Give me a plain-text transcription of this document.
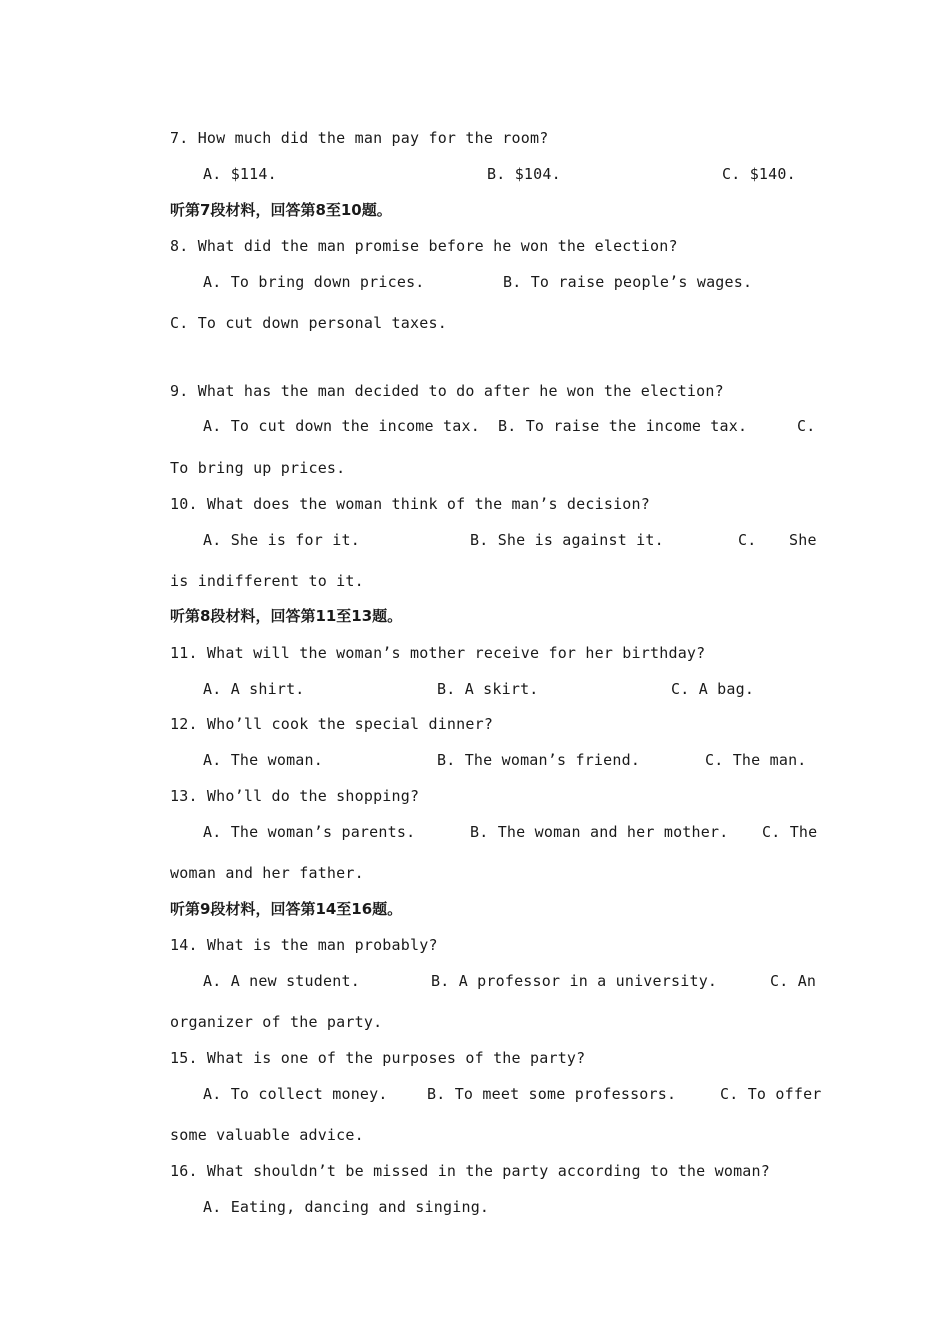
7. How much did the man pay for the room?
A. $114.	B. $104.	C. $140.
听第7段材料，回答第8至10题。
8. What did the man promise before he won the election?
A. To bring down prices.	B. To raise people’s wages.
C. To cut down personal taxes.
9. What has the man decided to do after he won the election?
A. To cut down the income tax. B. To raise the income tax.	C.
To bring up prices.
10. What does the woman think of the man’s decision?
A. She is for it.	B. She is against it.	C. She
is indifferent to it.
听第8段材料，回答第11至13题。
11. What will the woman’s mother receive for her birthday?
A. A shirt.	B. A skirt.	C. A bag.
12. Who’ll cook the special dinner?
A. The woman.	B. The woman’s friend.	C. The man.
13. Who’ll do the shopping?
A. The woman’s parents.	B. The woman and her mother. C. The
woman and her father.
听第9段材料，回答第14至16题。
14. What is the man probably?
A. A new student.	B. A professor in a university.	C. An
organizer of the party.
15. What is one of the purposes of the party?
A. To collect money.	B. To meet some professors.	C. To offer
some valuable advice.
16. What shouldn’t be missed in the party according to the woman?
A. Eating, dancing and singing.
